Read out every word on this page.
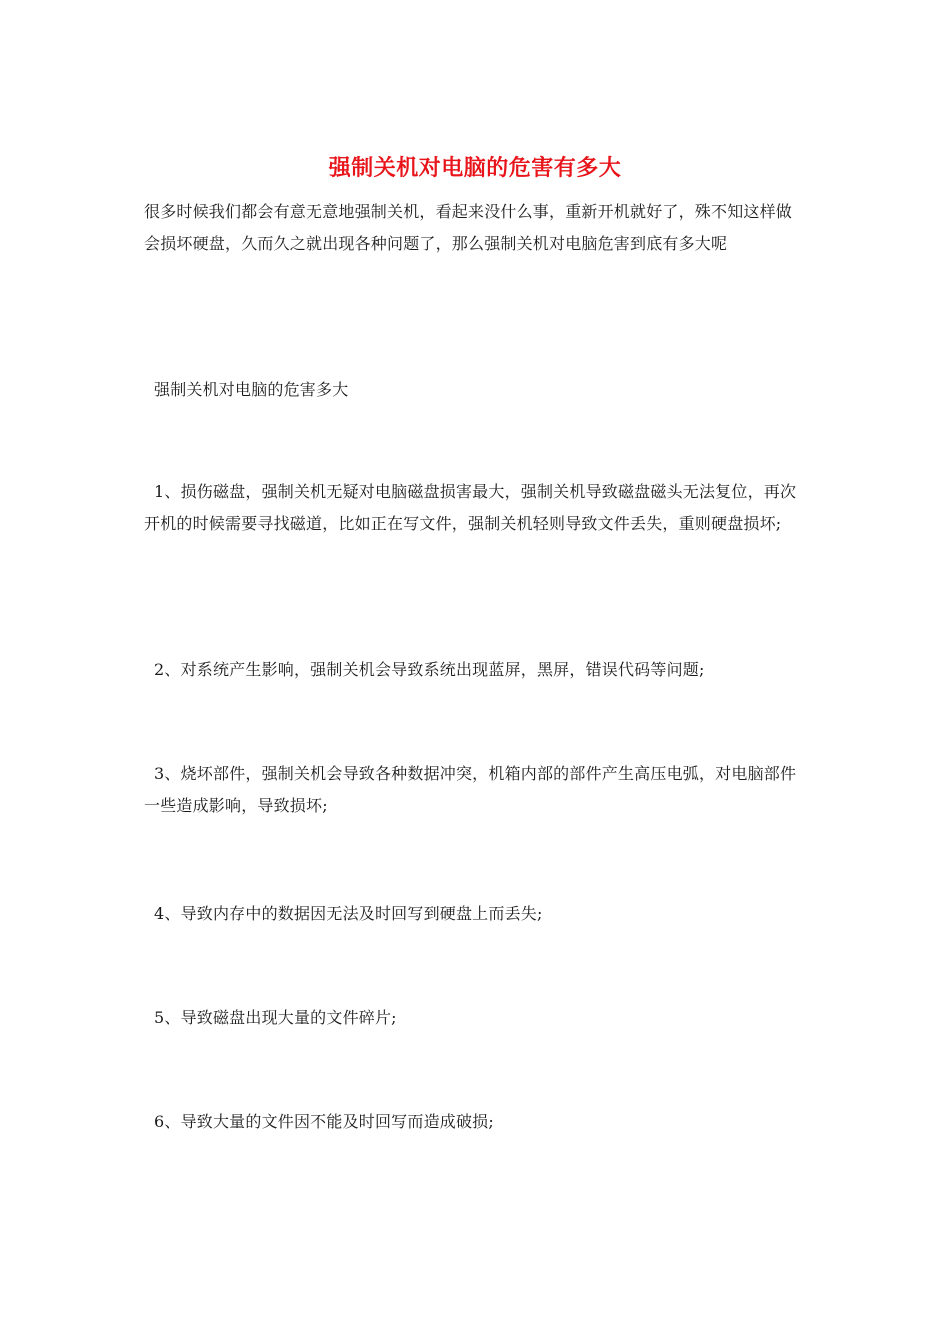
强制关机对电脑的危害有多大

很多时候我们都会有意无意地强制关机，看起来没什么事，重新开机就好了，殊不知这样做会损坏硬盘，久而久之就出现各种问题了，那么强制关机对电脑危害到底有多大呢

强制关机对电脑的危害多大

1、损伤磁盘，强制关机无疑对电脑磁盘损害最大，强制关机导致磁盘磁头无法复位，再次开机的时候需要寻找磁道，比如正在写文件，强制关机轻则导致文件丢失，重则硬盘损坏;

2、对系统产生影响，强制关机会导致系统出现蓝屏，黑屏，错误代码等问题;

3、烧坏部件，强制关机会导致各种数据冲突，机箱内部的部件产生高压电弧，对电脑部件一些造成影响，导致损坏;

4、导致内存中的数据因无法及时回写到硬盘上而丢失;

5、导致磁盘出现大量的文件碎片;

6、导致大量的文件因不能及时回写而造成破损;
